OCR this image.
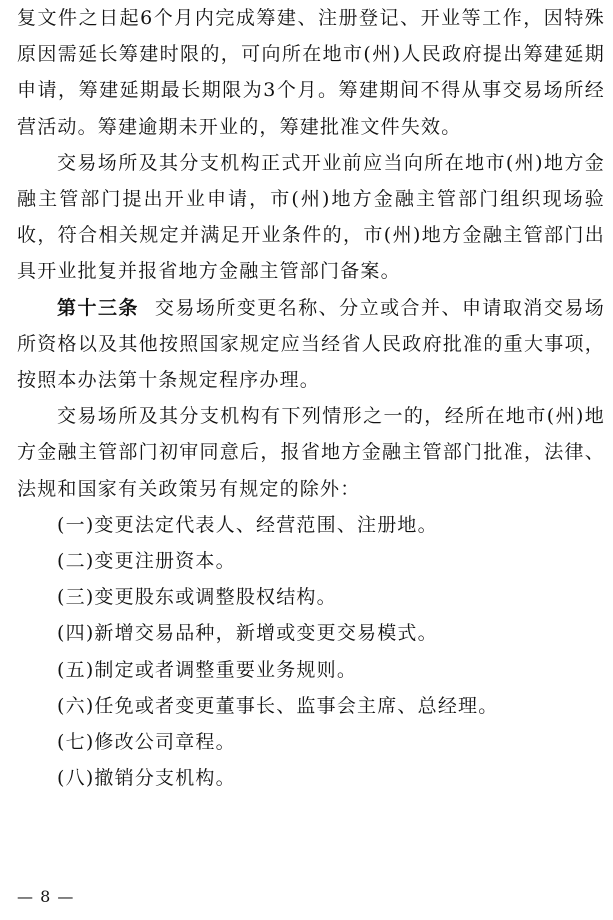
复文件之日起6个月内完成筹建、注册登记、开业等工作，因特殊原因需延长筹建时限的，可向所在地市(州)人民政府提出筹建延期申请，筹建延期最长期限为3个月。筹建期间不得从事交易场所经营活动。筹建逾期未开业的，筹建批准文件失效。

交易场所及其分支机构正式开业前应当向所在地市(州)地方金融主管部门提出开业申请，市(州)地方金融主管部门组织现场验收，符合相关规定并满足开业条件的，市(州)地方金融主管部门出具开业批复并报省地方金融主管部门备案。

第十三条 交易场所变更名称、分立或合并、申请取消交易场所资格以及其他按照国家规定应当经省人民政府批准的重大事项，按照本办法第十条规定程序办理。

交易场所及其分支机构有下列情形之一的，经所在地市(州)地方金融主管部门初审同意后，报省地方金融主管部门批准，法律、法规和国家有关政策另有规定的除外：

(一)变更法定代表人、经营范围、注册地。

(二)变更注册资本。

(三)变更股东或调整股权结构。

(四)新增交易品种，新增或变更交易模式。

(五)制定或者调整重要业务规则。

(六)任免或者变更董事长、监事会主席、总经理。

(七)修改公司章程。

(八)撤销分支机构。

— 8 —
